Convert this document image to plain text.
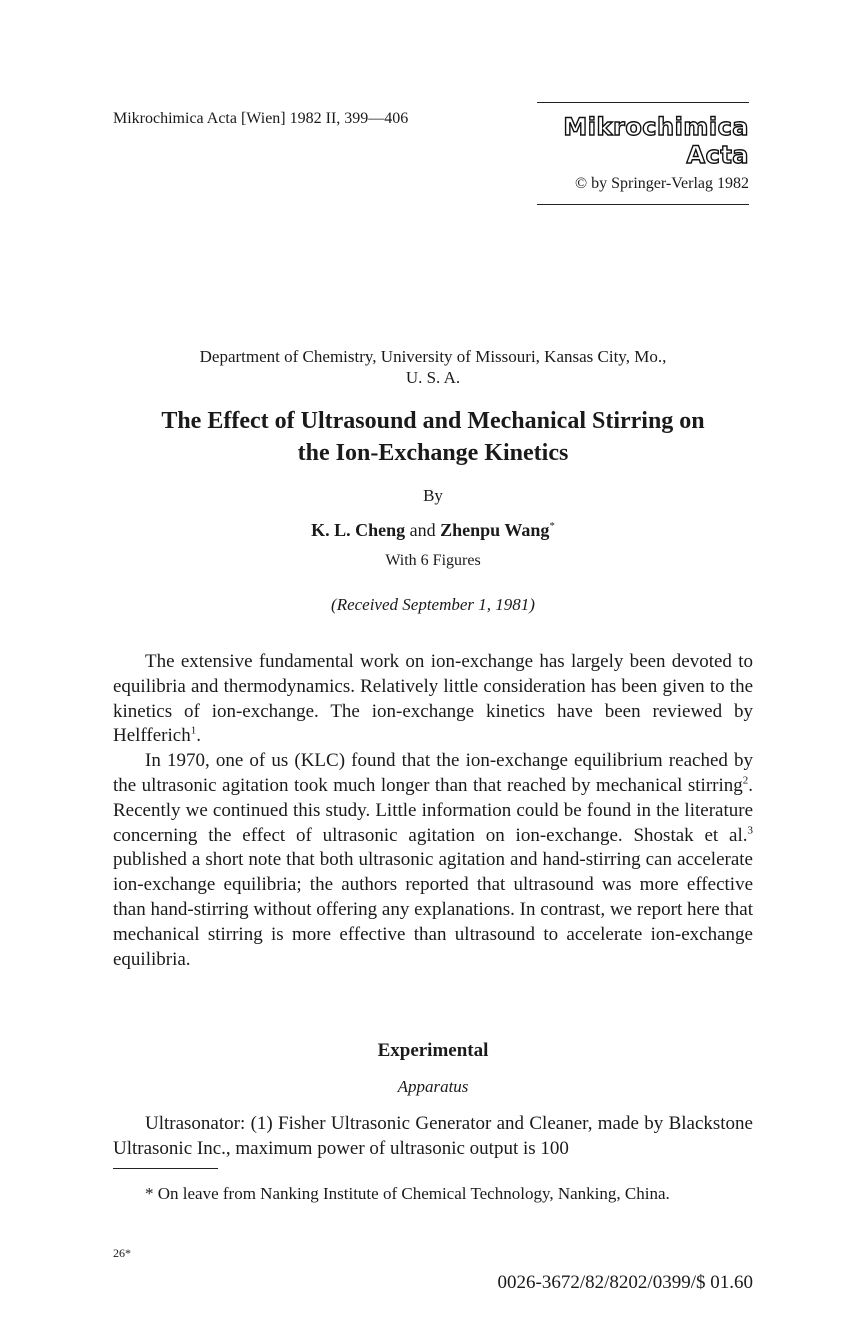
Mikrochimica Acta [Wien] 1982 II, 399—406	Mikrochimica Acta
© by Springer-Verlag 1982
Department of Chemistry, University of Missouri, Kansas City, Mo.,
U. S. A.
The Effect of Ultrasound and Mechanical Stirring on
the Ion-Exchange Kinetics
By
K. L. Cheng and Zhenpu Wang*
With 6 Figures
(Received September 1, 1981)

The extensive fundamental work on ion-exchange has largely been devoted to equilibria and thermodynamics. Relatively little consideration has been given to the kinetics of ion-exchange. The ion-exchange kinetics have been reviewed by Helfferich$^1$.

In 1970, one of us (KLC) found that the ion-exchange equilibrium reached by the ultrasonic agitation took much longer than that reached by mechanical stirring$^2$. Recently we continued this study. Little information could be found in the literature concerning the effect of ultrasonic agitation on ion-exchange. Shostak et al.$^3$ published a short note that both ultrasonic agitation and hand-stirring can accelerate ion-exchange equilibria; the authors reported that ultrasound was more effective than hand-stirring without offering any explanations. In contrast, we report here that mechanical stirring is more effective than ultrasound to accelerate ion-exchange equilibria.

Experimental
Apparatus

Ultrasonator: (1) Fisher Ultrasonic Generator and Cleaner, made by Blackstone Ultrasonic Inc., maximum power of ultrasonic output is 100

* On leave from Nanking Institute of Chemical Technology, Nanking, China.
26*
0026-3672/82/8202/0399/$ 01.60
